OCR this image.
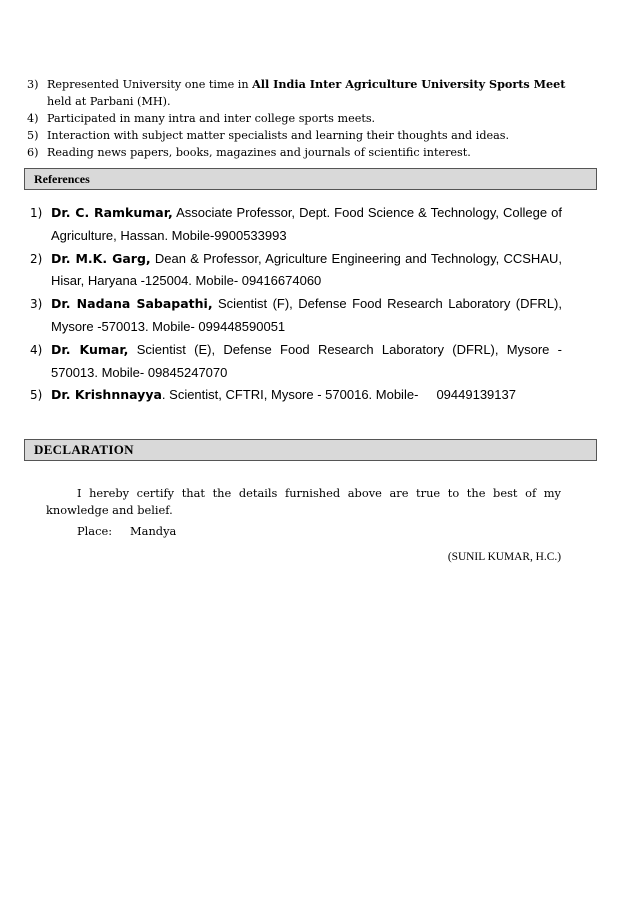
3) Represented University one time in All India Inter Agriculture University Sports Meet held at Parbani (MH).
4) Participated in many intra and inter college sports meets.
5) Interaction with subject matter specialists and learning their thoughts and ideas.
6) Reading news papers, books, magazines and journals of scientific interest.
References
1) Dr. C. Ramkumar, Associate Professor, Dept. Food Science & Technology, College of Agriculture, Hassan. Mobile-9900533993
2) Dr. M.K. Garg, Dean & Professor, Agriculture Engineering and Technology, CCSHAU, Hisar, Haryana -125004. Mobile- 09416674060
3) Dr. Nadana Sabapathi, Scientist (F), Defense Food Research Laboratory (DFRL), Mysore -570013. Mobile- 099448590051
4) Dr. Kumar, Scientist (E), Defense Food Research Laboratory (DFRL), Mysore - 570013. Mobile- 09845247070
5) Dr. Krishnnayya. Scientist, CFTRI, Mysore - 570016. Mobile-     09449139137
DECLARATION

I hereby certify that the details furnished above are true to the best of my knowledge and belief.

Place: Mandya
(SUNIL KUMAR, H.C.)
